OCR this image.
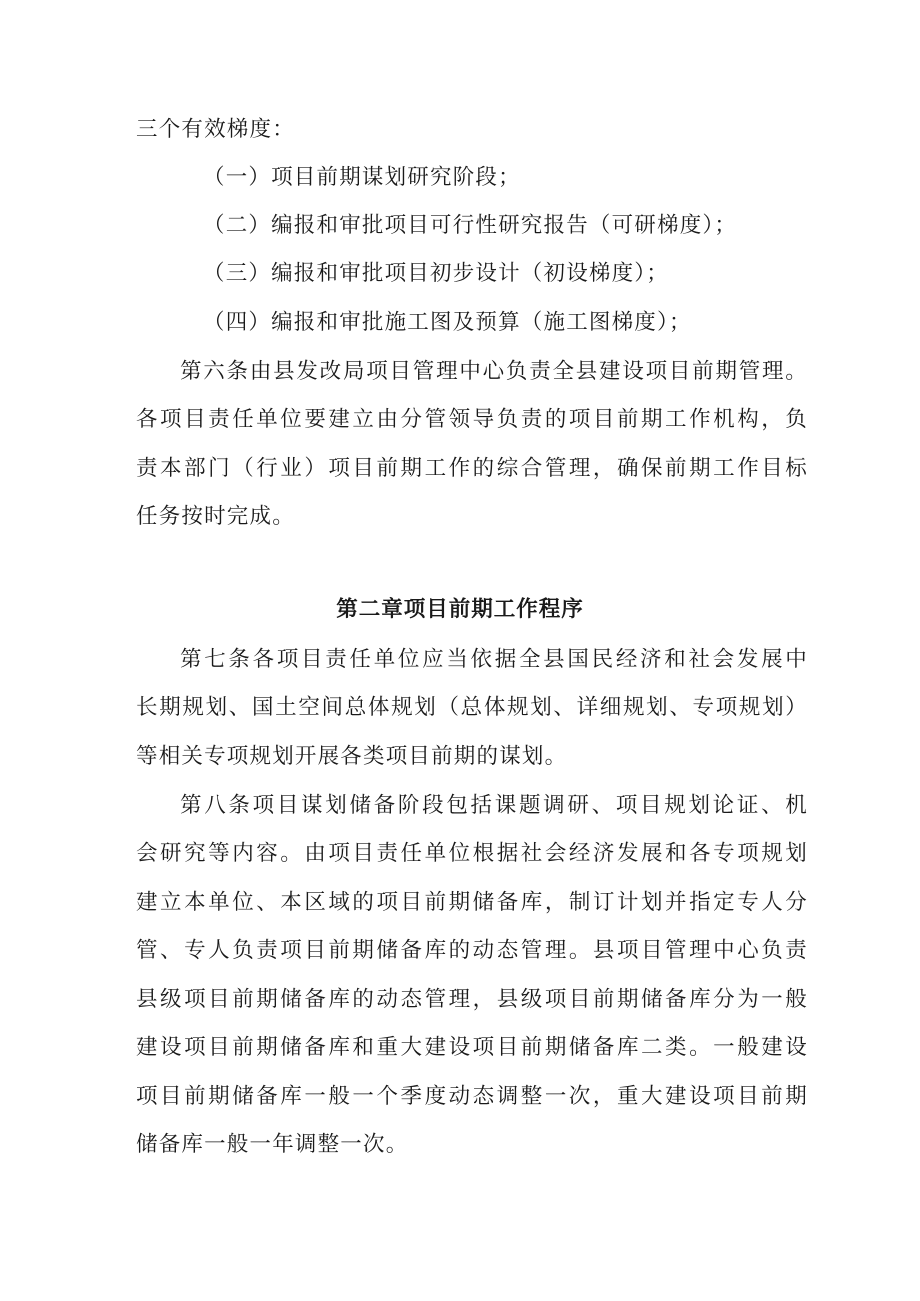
三个有效梯度：
（一）项目前期谋划研究阶段；
（二）编报和审批项目可行性研究报告（可研梯度）；
（三）编报和审批项目初步设计（初设梯度）；
（四）编报和审批施工图及预算（施工图梯度）；
第六条由县发改局项目管理中心负责全县建设项目前期管理。
各项目责任单位要建立由分管领导负责的项目前期工作机构，负
责本部门（行业）项目前期工作的综合管理，确保前期工作目标
任务按时完成。
第二章项目前期工作程序
第七条各项目责任单位应当依据全县国民经济和社会发展中
长期规划、国土空间总体规划（总体规划、详细规划、专项规划）
等相关专项规划开展各类项目前期的谋划。
第八条项目谋划储备阶段包括课题调研、项目规划论证、机
会研究等内容。由项目责任单位根据社会经济发展和各专项规划
建立本单位、本区域的项目前期储备库，制订计划并指定专人分
管、专人负责项目前期储备库的动态管理。县项目管理中心负责
县级项目前期储备库的动态管理，县级项目前期储备库分为一般
建设项目前期储备库和重大建设项目前期储备库二类。一般建设
项目前期储备库一般一个季度动态调整一次，重大建设项目前期
储备库一般一年调整一次。
